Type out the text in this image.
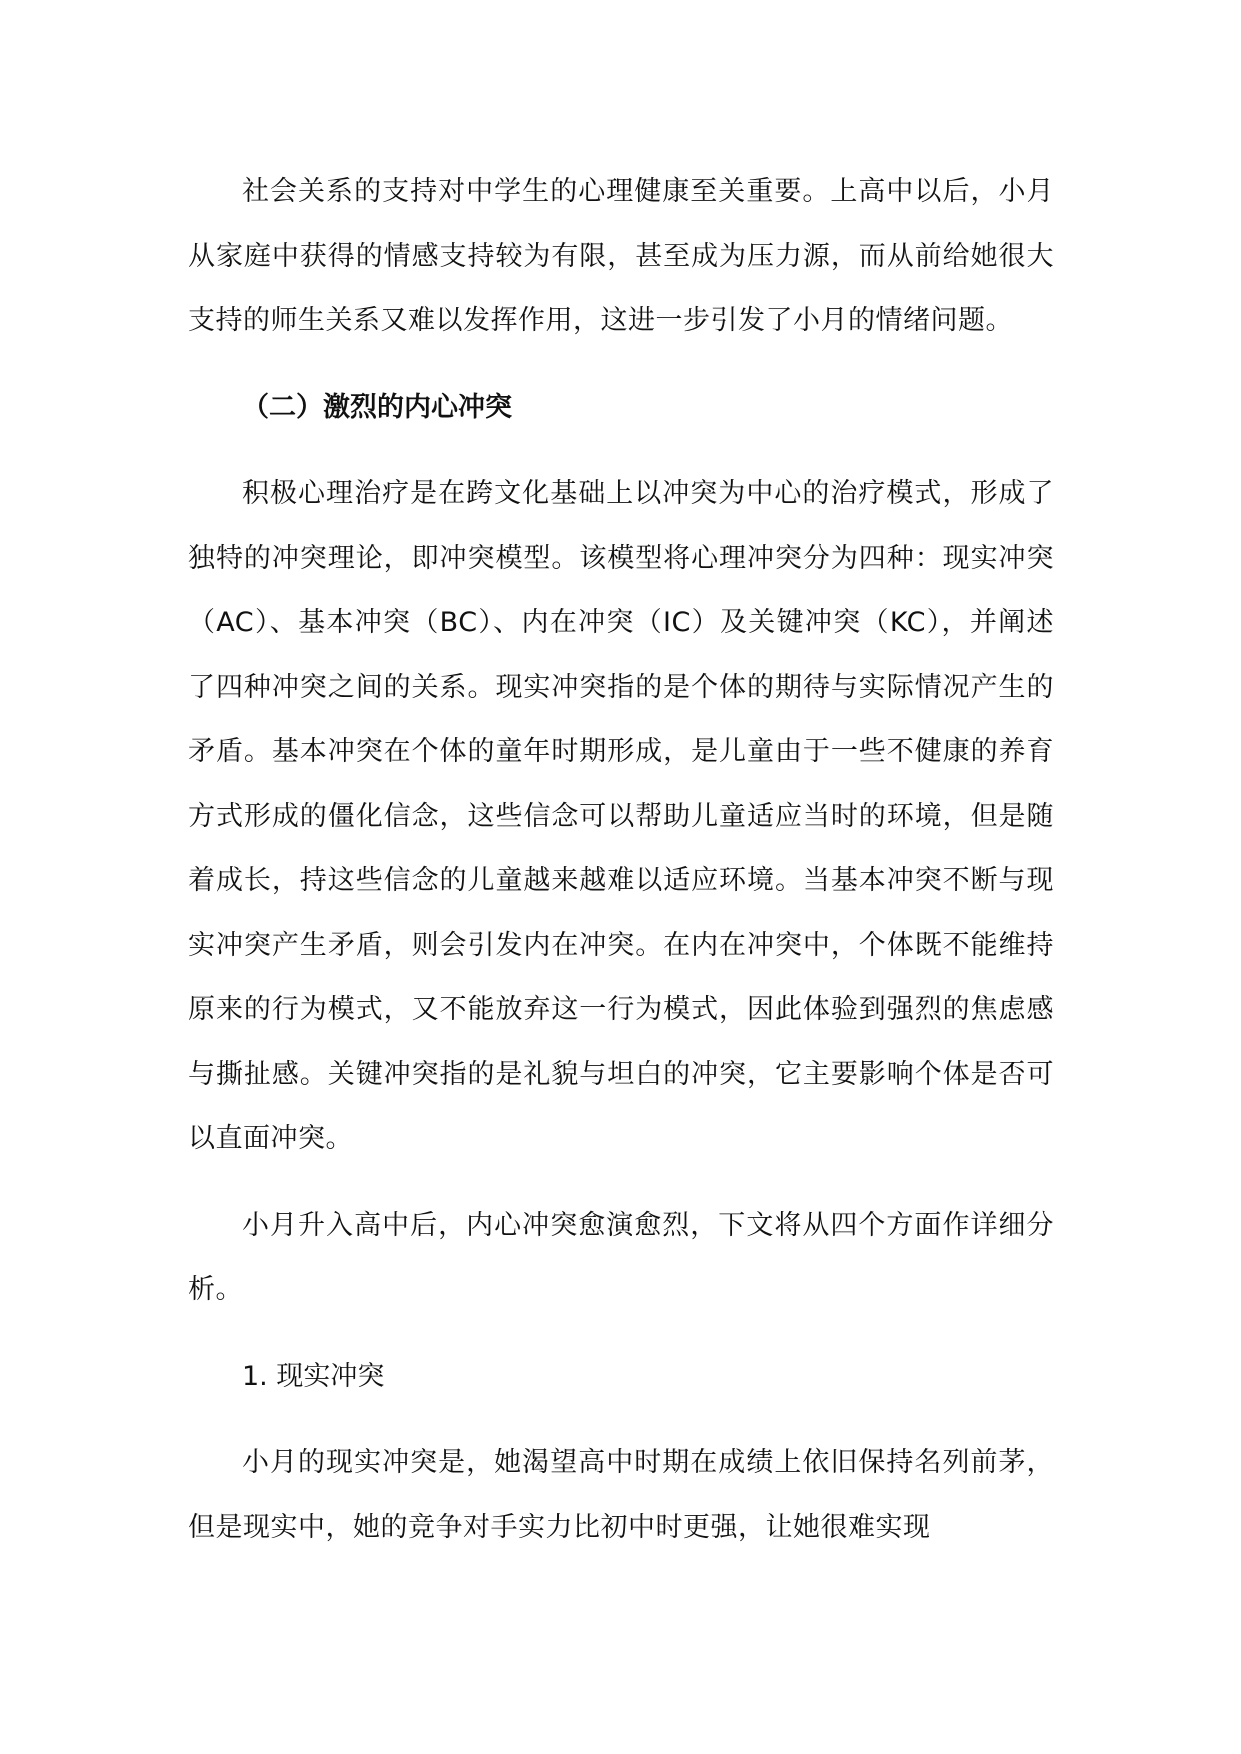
社会关系的支持对中学生的心理健康至关重要。上高中以后，小月从家庭中获得的情感支持较为有限，甚至成为压力源，而从前给她很大支持的师生关系又难以发挥作用，这进一步引发了小月的情绪问题。

（二）激烈的内心冲突

积极心理治疗是在跨文化基础上以冲突为中心的治疗模式，形成了独特的冲突理论，即冲突模型。该模型将心理冲突分为四种：现实冲突（AC）、基本冲突（BC）、内在冲突（IC）及关键冲突（KC），并阐述了四种冲突之间的关系。现实冲突指的是个体的期待与实际情况产生的矛盾。基本冲突在个体的童年时期形成，是儿童由于一些不健康的养育方式形成的僵化信念，这些信念可以帮助儿童适应当时的环境，但是随着成长，持这些信念的儿童越来越难以适应环境。当基本冲突不断与现实冲突产生矛盾，则会引发内在冲突。在内在冲突中，个体既不能维持原来的行为模式，又不能放弃这一行为模式，因此体验到强烈的焦虑感与撕扯感。关键冲突指的是礼貌与坦白的冲突，它主要影响个体是否可以直面冲突。

小月升入高中后，内心冲突愈演愈烈，下文将从四个方面作详细分析。

1. 现实冲突

小月的现实冲突是，她渴望高中时期在成绩上依旧保持名列前茅，但是现实中，她的竞争对手实力比初中时更强，让她很难实现
